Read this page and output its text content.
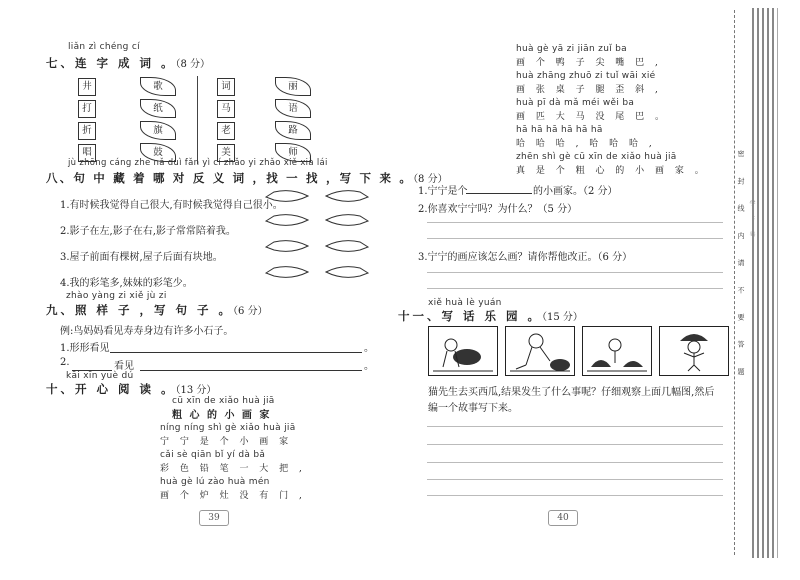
liǎn zì chéng cí
七、连 字 成 词 。（8 分）
井
打
折
唱
歌
纸
旗
鼓
词
马
老
美
丽
语
路
师
jù zhōng cáng zhe nǎ duì fǎn yì cí zhǎo yi zhǎo xiě xià lái
八、句 中 藏 着 哪 对 反 义 词 ，找 一 找 ，写 下 来 。（8 分）
1.有时候我觉得自己很大,有时候我觉得自己很小。
2.影子在左,影子在右,影子常常陪着我。
3.屋子前面有棵树,屋子后面有块地。
4.我的彩笔多,妹妹的彩笔少。
zhào yàng zi xiě jù zi
九、照 样 子 ，写 句 子 。（6 分）
例:鸟妈妈看见寿寿身边有许多小石子。
1.形形看见	。
2.	看见	。
kāi xīn yuè dú
十、开 心 阅 读 。（13 分）
cū xīn de xiǎo huà jiā
粗 心 的 小 画 家
níng níng shì gè xiǎo huà jiā
宁 宁 是 个 小 画 家
cǎi sè qiān bǐ yí dà bǎ
彩 色 铅 笔 一 大 把 ,
huà gè lú zào huà mén
画 个 炉 灶 没 有 门 ,
39
huà gè yā zi jiān zuǐ ba
画 个 鸭 子 尖 嘴 巴 ,
huà zhāng zhuō zi tuǐ wāi xié
画 张 桌 子 腿 歪 斜 ,
huà pī dà mǎ méi wěi ba
画 匹 大 马 没 尾 巴 。
hā hā hā hā hā hā
哈 哈 哈 , 哈 哈 哈 ,
zhēn shì gè cū xīn de xiǎo huà jiā
真 是 个 粗 心 的 小 画 家 。
1.宁宁是个	的小画家。（2 分）
2.你喜欢宁宁吗？为什么？（5 分）
3.宁宁的画应该怎么画？请你帮他改正。（6 分）
xiě huà lè yuán
十一、写 话 乐 园 。（15 分）
猫先生去买西瓜,结果发生了什么事呢？仔细观察上面几幅图,然后
编一个故事写下来。
40
密 封 线 内 请 不 要 答 题
